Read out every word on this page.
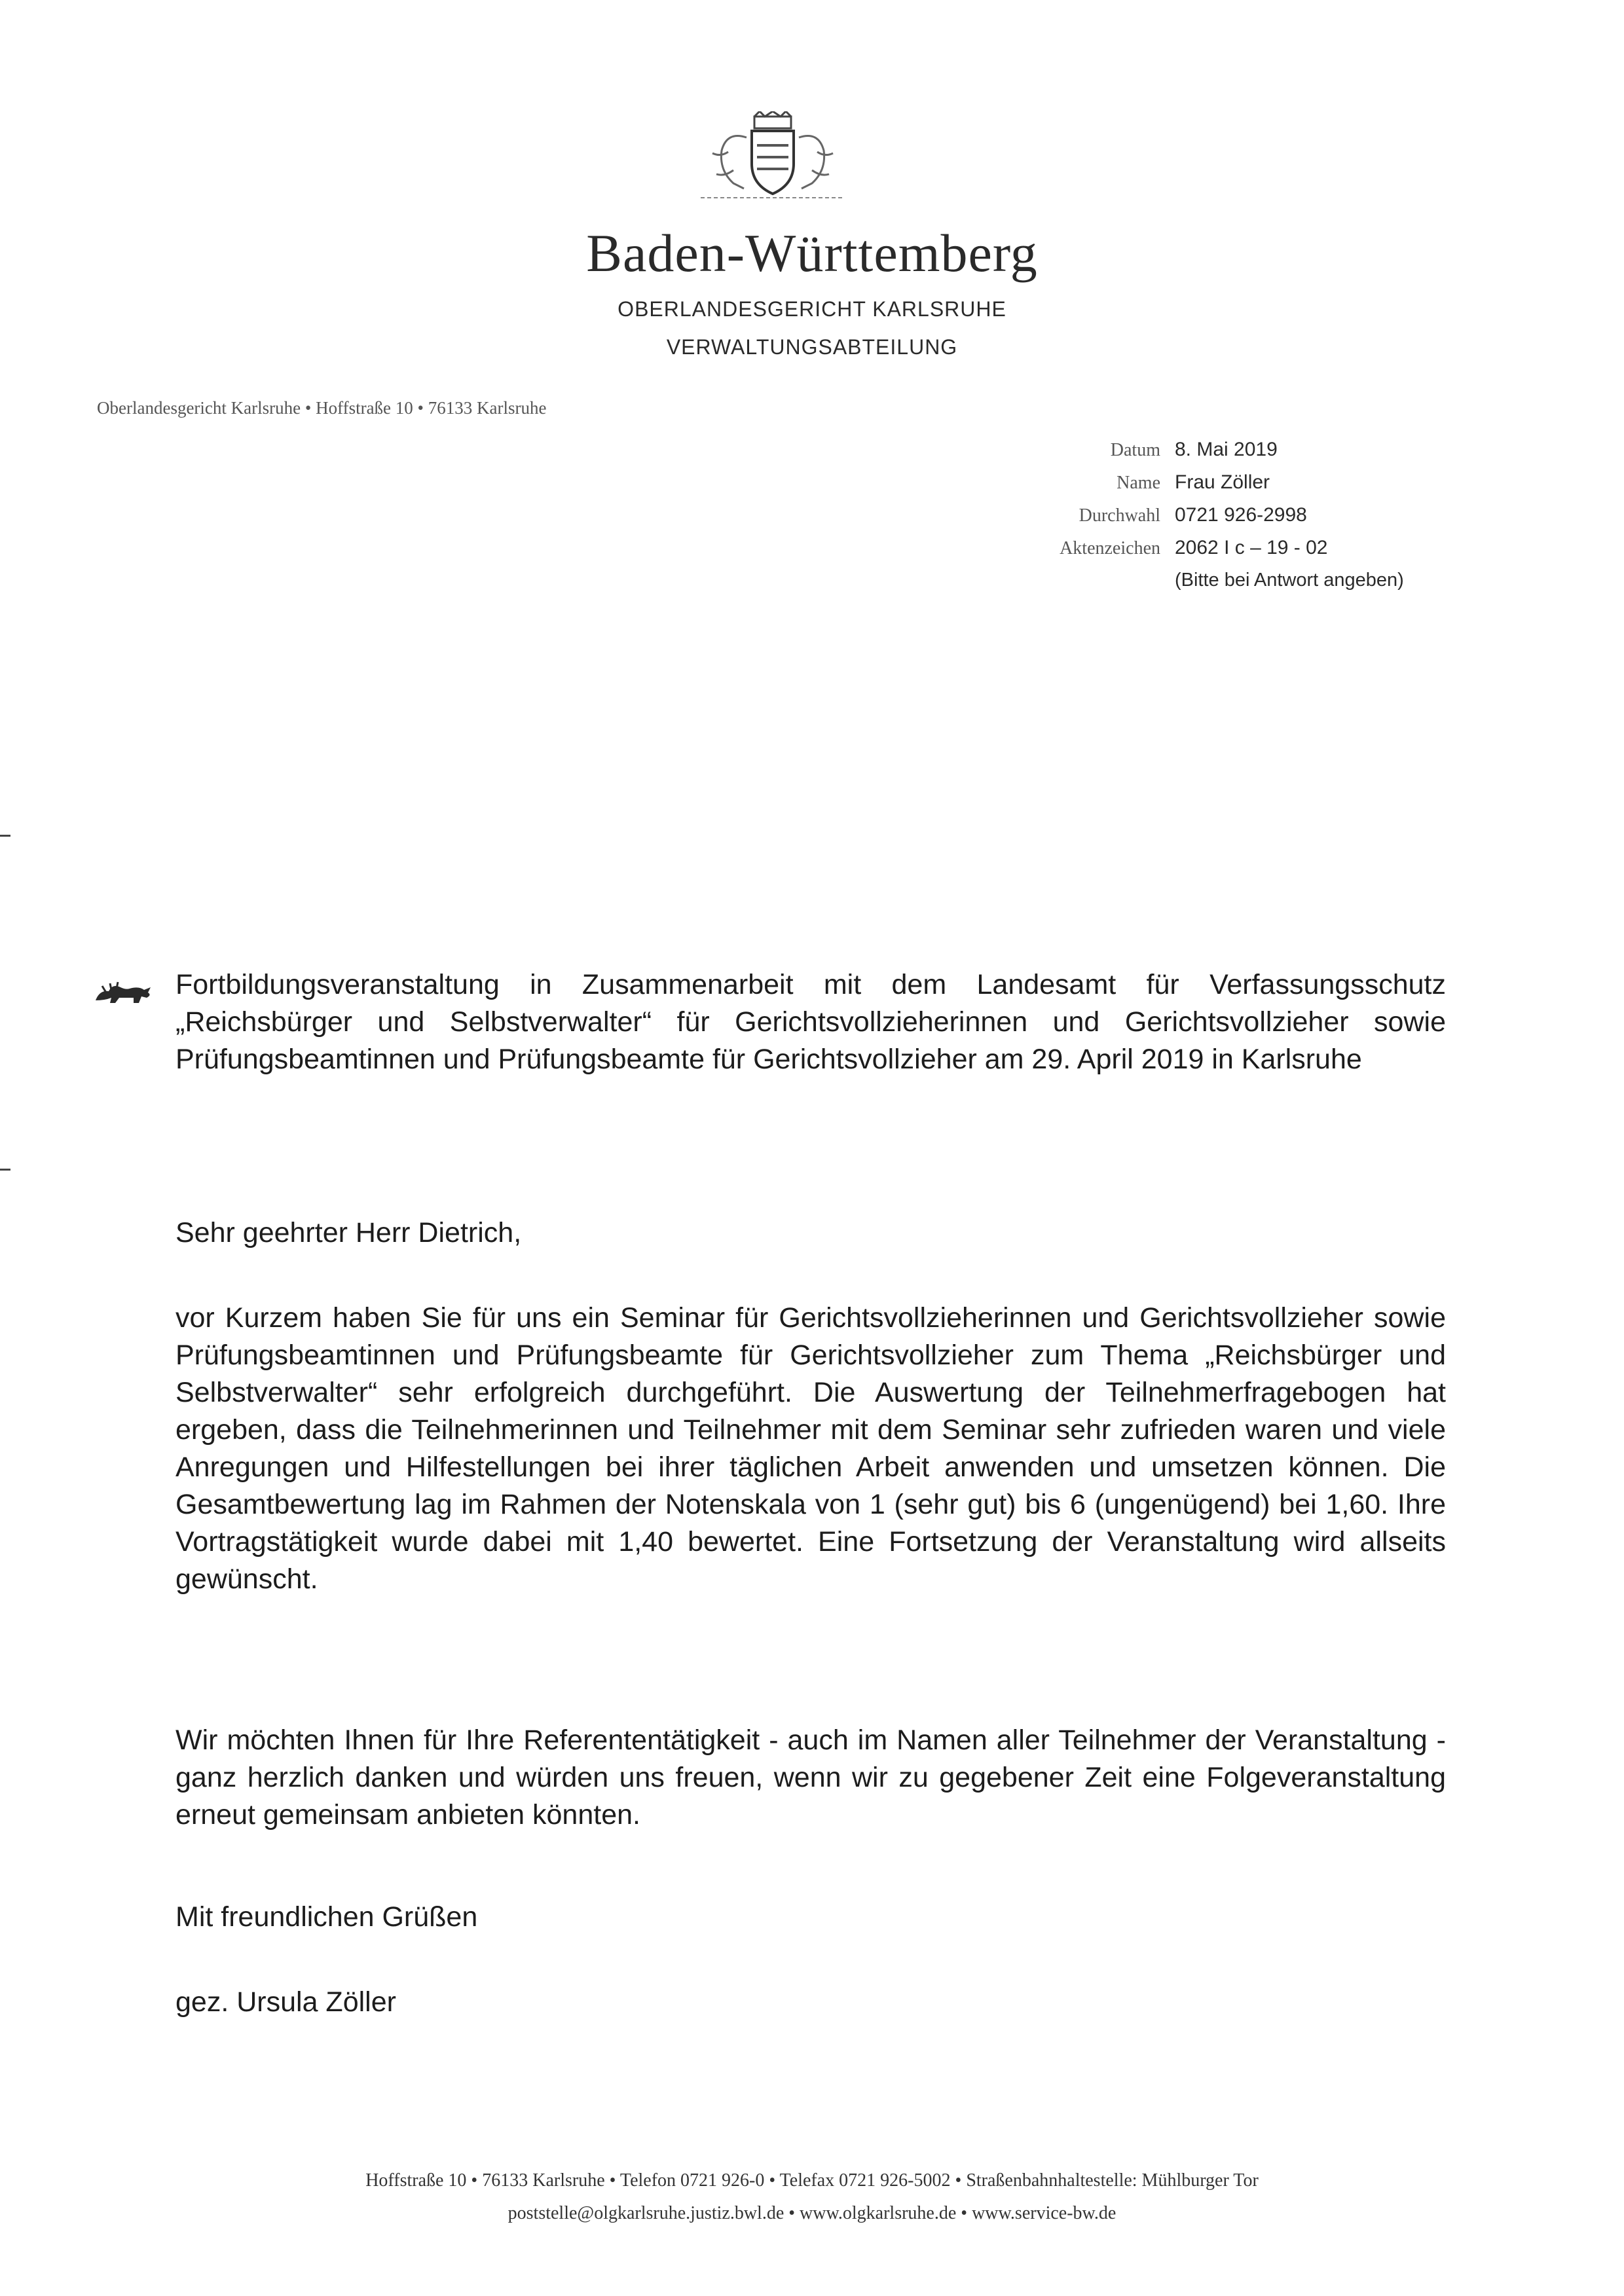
Baden-Württemberg
OBERLANDESGERICHT KARLSRUHE
VERWALTUNGSABTEILUNG
Oberlandesgericht Karlsruhe • Hoffstraße 10 • 76133 Karlsruhe
Datum 8. Mai 2019
Name Frau Zöller
Durchwahl 0721 926-2998
Aktenzeichen 2062 I c – 19 - 02
(Bitte bei Antwort angeben)
Fortbildungsveranstaltung in Zusammenarbeit mit dem Landesamt für Verfassungsschutz „Reichsbürger und Selbstverwalter“ für Gerichtsvollzieherinnen und Gerichtsvollzieher sowie Prüfungsbeamtinnen und Prüfungsbeamte für Gerichtsvollzieher am 29. April 2019 in Karlsruhe
Sehr geehrter Herr Dietrich,
vor Kurzem haben Sie für uns ein Seminar für Gerichtsvollzieherinnen und Gerichtsvollzieher sowie Prüfungsbeamtinnen und Prüfungsbeamte für Gerichtsvollzieher zum Thema „Reichsbürger und Selbstverwalter“ sehr erfolgreich durchgeführt. Die Auswertung der Teilnehmerfragebogen hat ergeben, dass die Teilnehmerinnen und Teilnehmer mit dem Seminar sehr zufrieden waren und viele Anregungen und Hilfestellungen bei ihrer täglichen Arbeit anwenden und umsetzen können. Die Gesamtbewertung lag im Rahmen der Notenskala von 1 (sehr gut) bis 6 (ungenügend) bei 1,60. Ihre Vortragstätigkeit wurde dabei mit 1,40 bewertet. Eine Fortsetzung der Veranstaltung wird allseits gewünscht.
Wir möchten Ihnen für Ihre Referententätigkeit - auch im Namen aller Teilnehmer der Veranstaltung - ganz herzlich danken und würden uns freuen, wenn wir zu gegebener Zeit eine Folgeveranstaltung erneut gemeinsam anbieten könnten.
Mit freundlichen Grüßen
gez. Ursula Zöller
Hoffstraße 10 • 76133 Karlsruhe • Telefon 0721 926-0 • Telefax 0721 926-5002 • Straßenbahnhaltestelle: Mühlburger Tor
poststelle@olgkarlsruhe.justiz.bwl.de • www.olgkarlsruhe.de • www.service-bw.de
